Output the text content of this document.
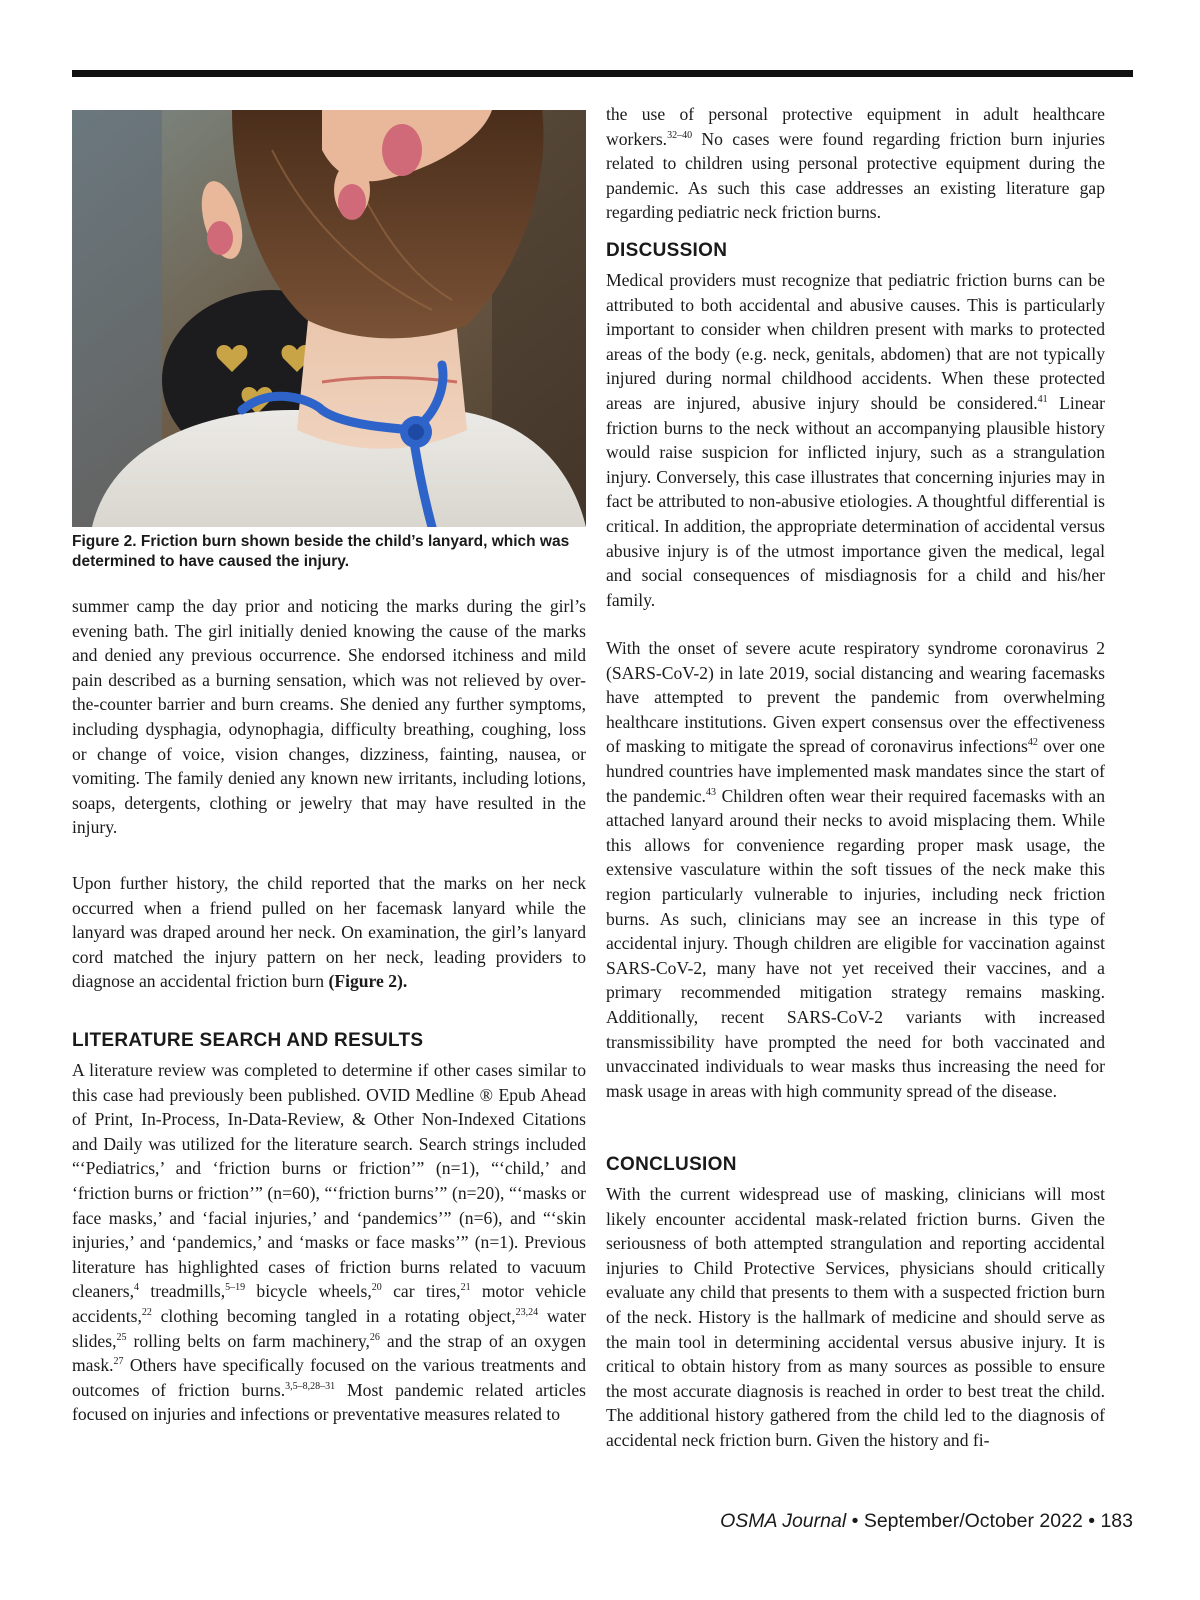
Figure 2. Friction burn shown beside the child’s lanyard, which was determined to have caused the injury.

summer camp the day prior and noticing the marks during the girl’s evening bath. The girl initially denied knowing the cause of the marks and denied any previous occurrence. She endorsed itchiness and mild pain described as a burning sensation, which was not relieved by over-the-counter barrier and burn creams. She denied any further symptoms, including dysphagia, odynophagia, difficulty breathing, coughing, loss or change of voice, vision changes, dizziness, fainting, nausea, or vomiting. The family denied any known new irritants, including lotions, soaps, detergents, clothing or jewelry that may have resulted in the injury.

Upon further history, the child reported that the marks on her neck occurred when a friend pulled on her facemask lanyard while the lanyard was draped around her neck. On examination, the girl’s lanyard cord matched the injury pattern on her neck, leading providers to diagnose an accidental friction burn (Figure 2).

LITERATURE SEARCH AND RESULTS

A literature review was completed to determine if other cases similar to this case had previously been published. OVID Medline ® Epub Ahead of Print, In-Process, In-Data-Review, & Other Non-Indexed Citations and Daily was utilized for the literature search. Search strings included “‘Pediatrics,’ and ‘friction burns or friction’” (n=1), “‘child,’ and ‘friction burns or friction’” (n=60), “‘friction burns’” (n=20), “‘masks or face masks,’ and ‘facial injuries,’ and ‘pandemics’” (n=6), and “‘skin injuries,’ and ‘pandemics,’ and ‘masks or face masks’” (n=1). Previous literature has highlighted cases of friction burns related to vacuum cleaners,$^4$ treadmills,$^{5-19}$ bicycle wheels,$^{20}$ car tires,$^{21}$ motor vehicle accidents,$^{22}$ clothing becoming tangled in a rotating object,$^{23,24}$ water slides,$^{25}$ rolling belts on farm machinery,$^{26}$ and the strap of an oxygen mask.$^{27}$ Others have specifically focused on the various treatments and outcomes of friction burns.$^{3,5-8,28-31}$ Most pandemic related articles focused on injuries and infections or preventative measures related to

the use of personal protective equipment in adult healthcare workers.$^{32-40}$ No cases were found regarding friction burn injuries related to children using personal protective equipment during the pandemic. As such this case addresses an existing literature gap regarding pediatric neck friction burns.

DISCUSSION

Medical providers must recognize that pediatric friction burns can be attributed to both accidental and abusive causes. This is particularly important to consider when children present with marks to protected areas of the body (e.g. neck, genitals, abdomen) that are not typically injured during normal childhood accidents. When these protected areas are injured, abusive injury should be considered.$^{41}$ Linear friction burns to the neck without an accompanying plausible history would raise suspicion for inflicted injury, such as a strangulation injury. Conversely, this case illustrates that concerning injuries may in fact be attributed to non-abusive etiologies. A thoughtful differential is critical. In addition, the appropriate determination of accidental versus abusive injury is of the utmost importance given the medical, legal and social consequences of misdiagnosis for a child and his/her family.

With the onset of severe acute respiratory syndrome coronavirus 2 (SARS-CoV-2) in late 2019, social distancing and wearing facemasks have attempted to prevent the pandemic from overwhelming healthcare institutions. Given expert consensus over the effectiveness of masking to mitigate the spread of coronavirus infections$^{42}$ over one hundred countries have implemented mask mandates since the start of the pandemic.$^{43}$ Children often wear their required facemasks with an attached lanyard around their necks to avoid misplacing them. While this allows for convenience regarding proper mask usage, the extensive vasculature within the soft tissues of the neck make this region particularly vulnerable to injuries, including neck friction burns. As such, clinicians may see an increase in this type of accidental injury. Though children are eligible for vaccination against SARS-CoV-2, many have not yet received their vaccines, and a primary recommended mitigation strategy remains masking. Additionally, recent SARS-CoV-2 variants with increased transmissibility have prompted the need for both vaccinated and unvaccinated individuals to wear masks thus increasing the need for mask usage in areas with high community spread of the disease.

CONCLUSION

With the current widespread use of masking, clinicians will most likely encounter accidental mask-related friction burns. Given the seriousness of both attempted strangulation and reporting accidental injuries to Child Protective Services, physicians should critically evaluate any child that presents to them with a suspected friction burn of the neck. History is the hallmark of medicine and should serve as the main tool in determining accidental versus abusive injury. It is critical to obtain history from as many sources as possible to ensure the most accurate diagnosis is reached in order to best treat the child. The additional history gathered from the child led to the diagnosis of accidental neck friction burn. Given the history and fi-

OSMA Journal • September/October 2022 • 183
